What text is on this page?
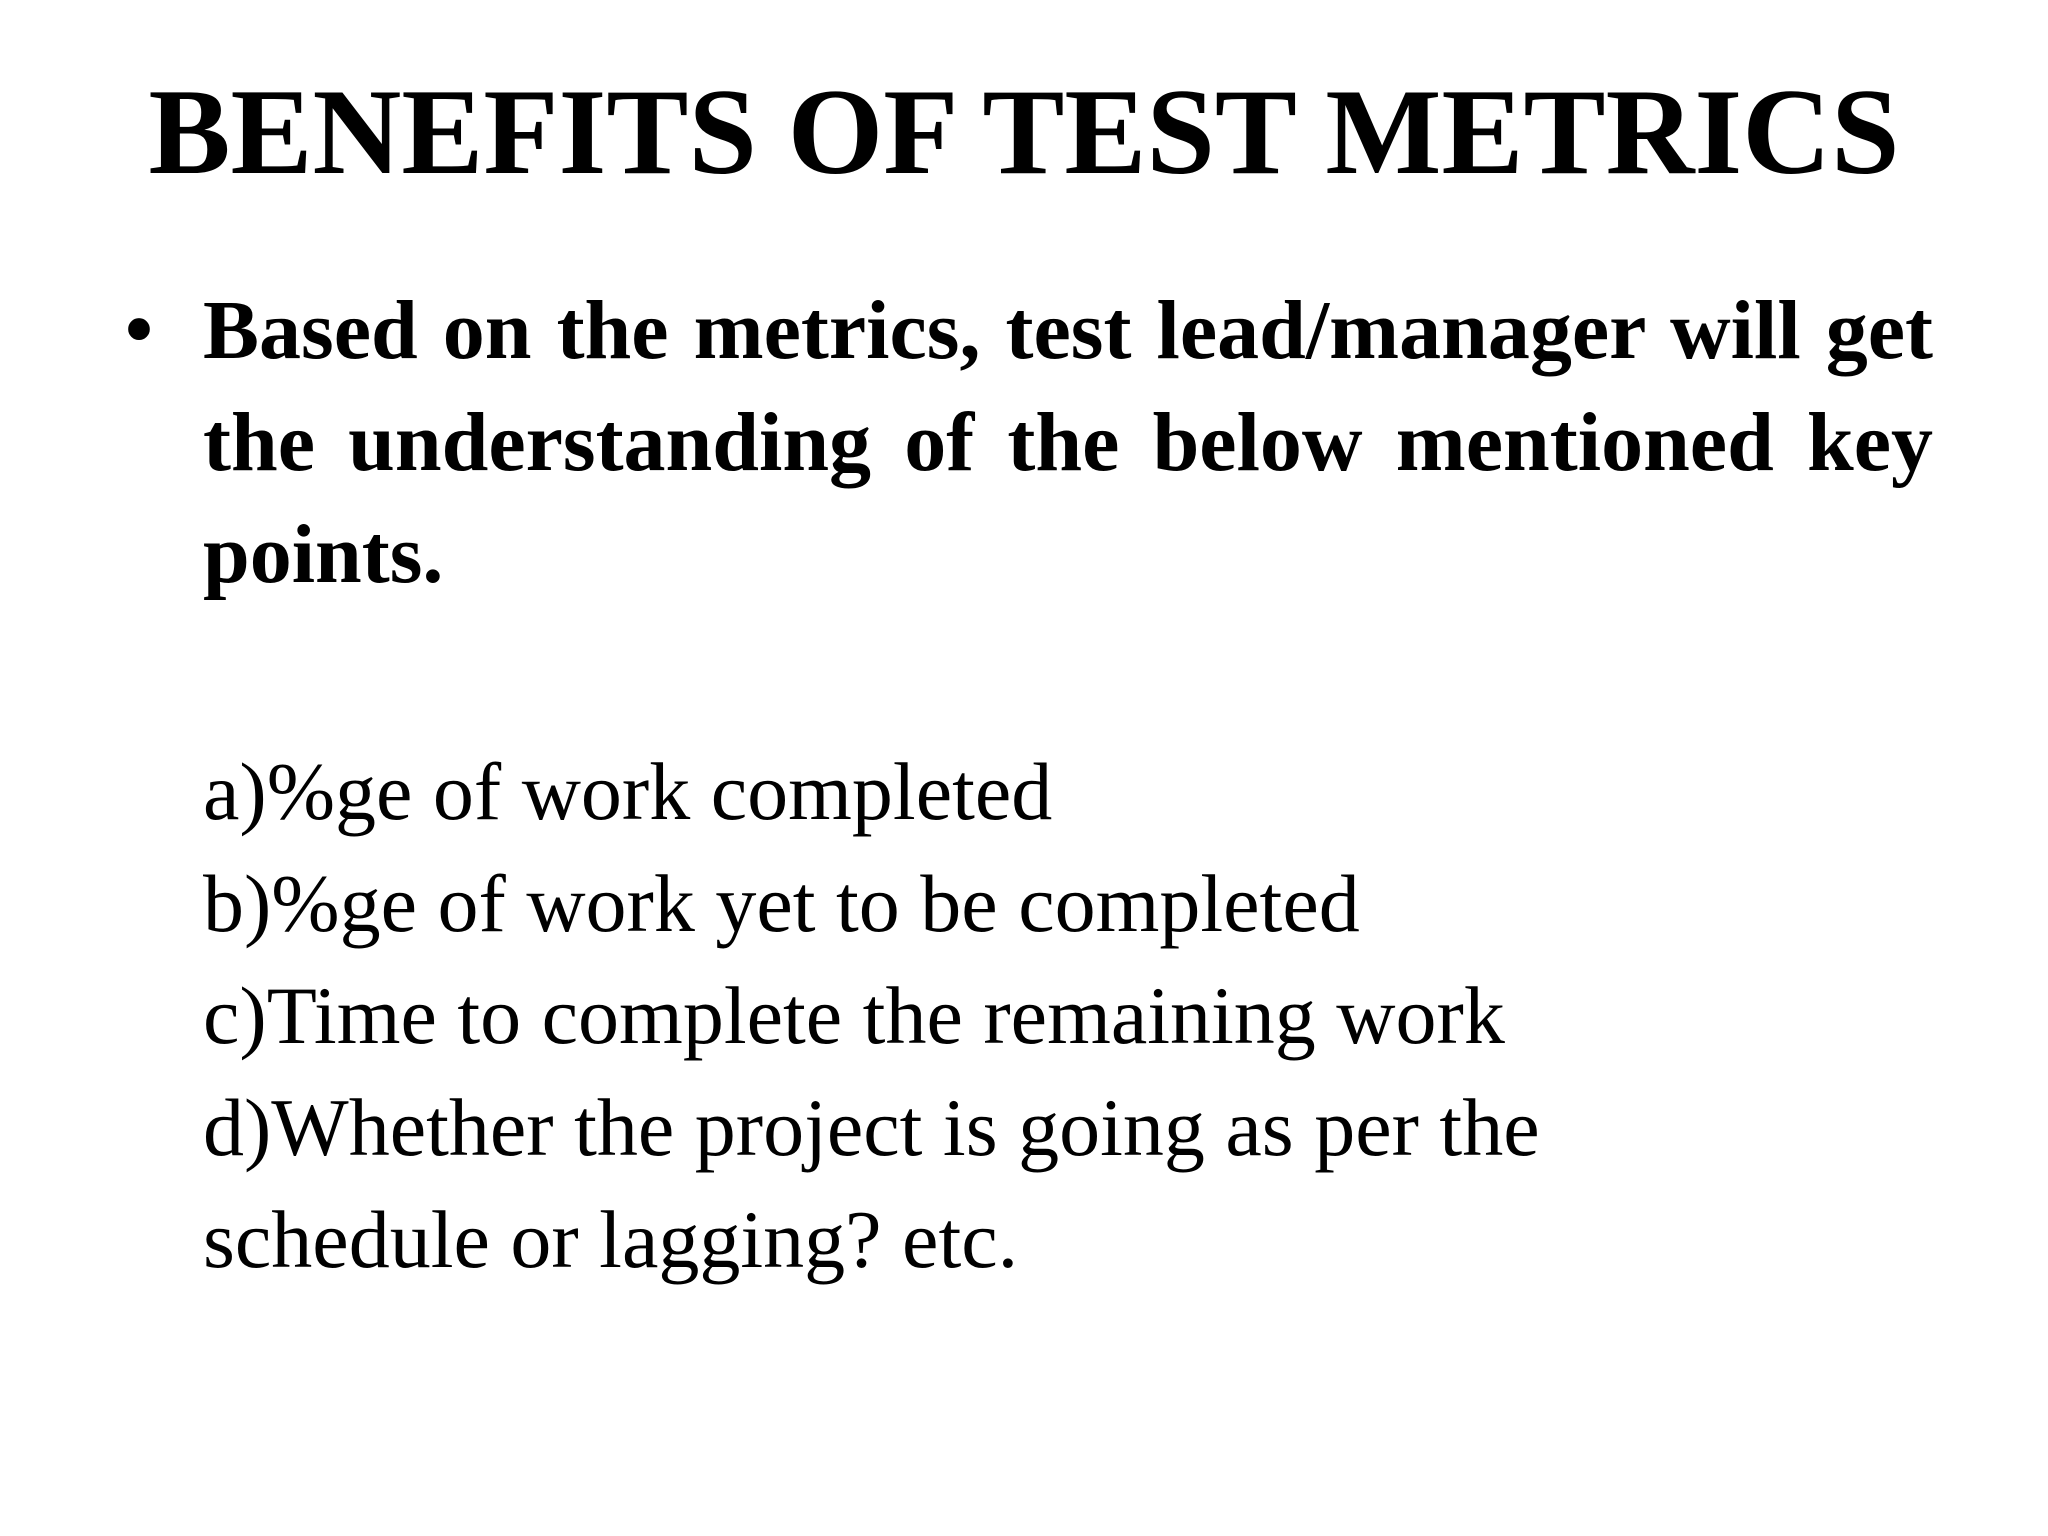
BENEFITS OF TEST METRICS
• Based on the metrics, test lead/manager will get the understanding of the below mentioned key points.

a)%ge of work completed
b)%ge of work yet to be completed
c)Time to complete the remaining work
d)Whether the project is going as per the
schedule or lagging? etc.
